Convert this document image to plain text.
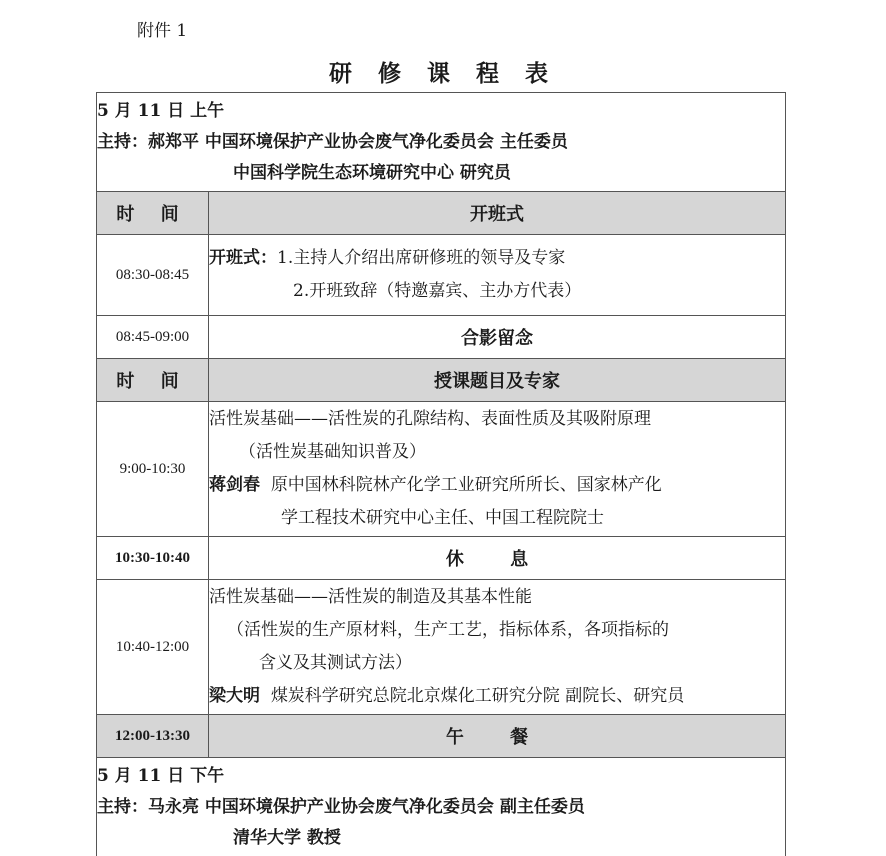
附件 1
研 修 课 程 表
5 月 11 日 上午
主持：郝郑平 中国环境保护产业协会废气净化委员会 主任委员
中国科学院生态环境研究中心 研究员	

时 间	开班式
08:30-08:45	开班式：1.主持人介绍出席研修班的领导及专家
2.开班致辞（特邀嘉宾、主办方代表）

08:45-09:00	合影留念
时 间	授课题目及专家
9:00-10:30	活性炭基础——活性炭的孔隙结构、表面性质及其吸附原理
（活性炭基础知识普及）
蒋剑春 原中国林科院林产化学工业研究所所长、国家林产化
学工程技术研究中心主任、中国工程院院士

10:30-10:40	休 息
10:40-12:00	活性炭基础——活性炭的制造及其基本性能
（活性炭的生产原材料，生产工艺，指标体系，各项指标的
含义及其测试方法）
梁大明 煤炭科学研究总院北京煤化工研究分院 副院长、研究员

12:00-13:30	午 餐

5 月 11 日 下午
主持：马永亮 中国环境保护产业协会废气净化委员会 副主任委员
清华大学 教授	
